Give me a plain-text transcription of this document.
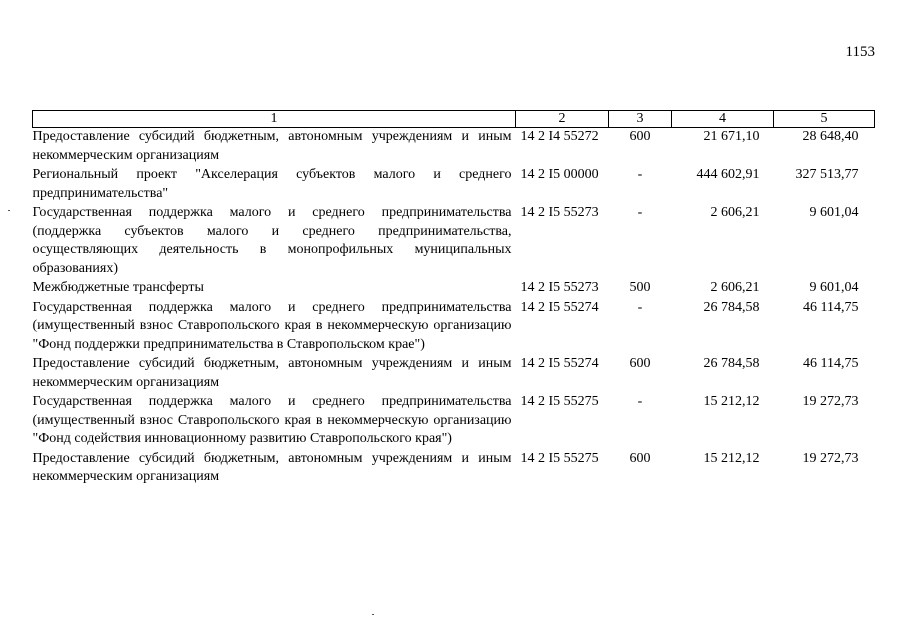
1153
1	2	3	4	5
Предоставление субсидий бюджетным, автономным учреждениям и иным некоммерческим организациям	14 2 I4 55272	600	21 671,10	28 648,40
Региональный проект "Акселерация субъектов малого и среднего предпринимательства"	14 2 I5 00000	-	444 602,91	327 513,77
Государственная поддержка малого и среднего предпринимательства (поддержка субъектов малого и среднего предпринимательства, осуществляющих деятельность в монопрофильных муниципальных образованиях)	14 2 I5 55273	-	2 606,21	9 601,04
Межбюджетные трансферты	14 2 I5 55273	500	2 606,21	9 601,04
Государственная поддержка малого и среднего предпринимательства (имущественный взнос Ставропольского края в некоммерческую организацию "Фонд поддержки предпринимательства в Ставропольском крае")	14 2 I5 55274	-	26 784,58	46 114,75
Предоставление субсидий бюджетным, автономным учреждениям и иным некоммерческим организациям	14 2 I5 55274	600	26 784,58	46 114,75
Государственная поддержка малого и среднего предпринимательства (имущественный взнос Ставропольского края в некоммерческую организацию "Фонд содействия инновационному развитию Ставропольского края")	14 2 I5 55275	-	15 212,12	19 272,73
Предоставление субсидий бюджетным, автономным учреждениям и иным некоммерческим организациям	14 2 I5 55275	600	15 212,12	19 272,73
